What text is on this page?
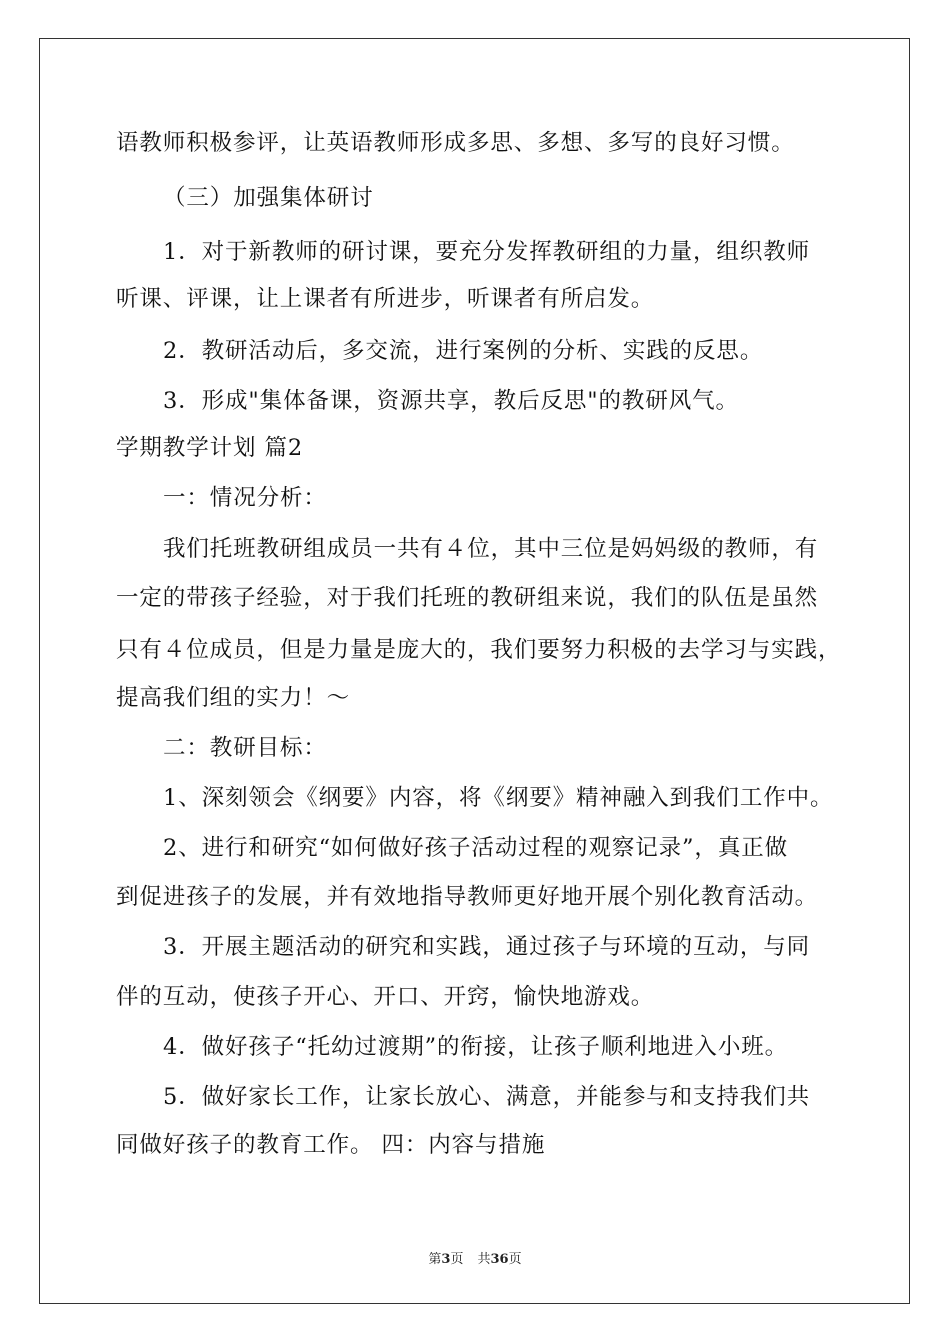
语教师积极参评，让英语教师形成多思、多想、多写的良好习惯。
（三）加强集体研讨
1．对于新教师的研讨课，要充分发挥教研组的力量，组织教师
听课、评课，让上课者有所进步，听课者有所启发。
2．教研活动后，多交流，进行案例的分析、实践的反思。
3．形成"集体备课，资源共享，教后反思"的教研风气。
学期教学计划 篇2
一：情况分析：
我们托班教研组成员一共有４位，其中三位是妈妈级的教师，有
一定的带孩子经验，对于我们托班的教研组来说，我们的队伍是虽然
只有４位成员，但是力量是庞大的，我们要努力积极的去学习与实践，
提高我们组的实力！～
二：教研目标：
1、深刻领会《纲要》内容，将《纲要》精神融入到我们工作中。
2、进行和研究“如何做好孩子活动过程的观察记录”，真正做
到促进孩子的发展，并有效地指导教师更好地开展个别化教育活动。
3．开展主题活动的研究和实践，通过孩子与环境的互动，与同
伴的互动，使孩子开心、开口、开窍，愉快地游戏。
4．做好孩子“托幼过渡期”的衔接，让孩子顺利地进入小班。
5．做好家长工作，让家长放心、满意，并能参与和支持我们共
同做好孩子的教育工作。 四：内容与措施
第3页 共36页
